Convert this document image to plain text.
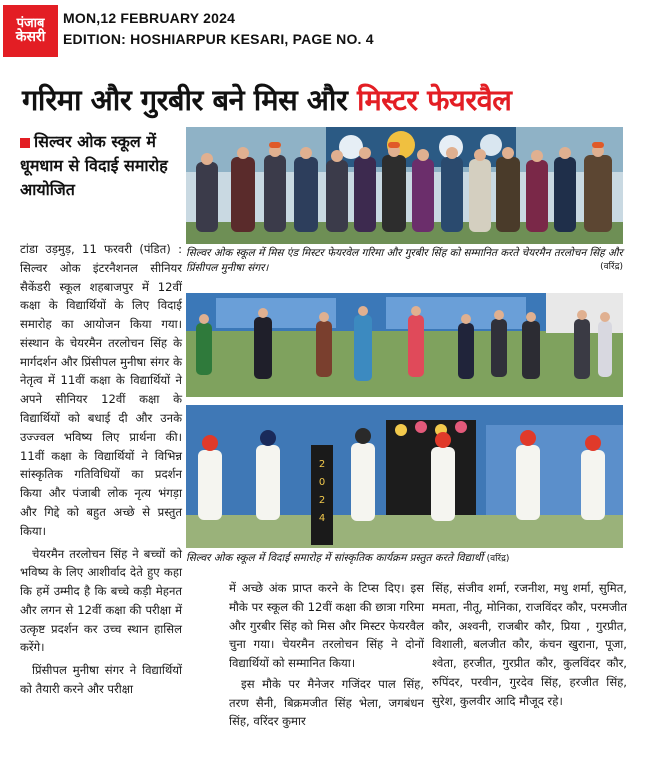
पंजाब
केसरी
MON,12 FEBRUARY 2024
EDITION: HOSHIARPUR KESARI, PAGE NO. 4
गरिमा और गुरबीर बने मिस और मिस्टर फेयरवैल
सिल्वर ओक स्कूल में धूमधाम से विदाई समारोह आयोजित

टांडा उड़मुड़, 11 फरवरी (पंडित) : सिल्वर ओक इंटरनैशनल सीनियर सैकेंडरी स्कूल शहबाजपुर में 12वीं कक्षा के विद्यार्थियों के लिए विदाई समारोह का आयोजन किया गया। संस्थान के चेयरमैन तरलोचन सिंह के मार्गदर्शन और प्रिंसीपल मुनीषा संगर के नेतृत्व में 11वीं कक्षा के विद्यार्थियों ने अपने सीनियर 12वीं कक्षा के विद्यार्थियों को बधाई दी और उनके उज्ज्वल भविष्य लिए प्रार्थना की। 11वीं कक्षा के विद्यार्थियों ने विभिन्न सांस्कृतिक गतिविधियों का प्रदर्शन किया और पंजाबी लोक नृत्य भंगड़ा और गिद्दे को बहुत अच्छे से प्रस्तुत किया।

चेयरमैन तरलोचन सिंह ने बच्चों को भविष्य के लिए आशीर्वाद देते हुए कहा कि हमें उम्मीद है कि बच्चे कड़ी मेहनत और लगन से 12वीं कक्षा की परीक्षा में उत्कृष्ट प्रदर्शन कर उच्च स्थान हासिल करेंगे।

प्रिंसीपल मुनीषा संगर ने विद्यार्थियों को तैयारी करने और परीक्षा

सिल्वर ओक स्कूल में मिस एंड मिस्टर फेयरवेल गरिमा और गुरबीर सिंह को सम्मानित करते चेयरमैन तरलोचन सिंह और प्रिंसीपल मुनीषा संगर।	(वरिंद्र)
2
0
2
4
सिल्वर ओक स्कूल में विदाई समारोह में सांस्कृतिक कार्यक्रम प्रस्तुत करते विद्यार्थी (वरिंद्र)

में अच्छे अंक प्राप्त करने के टिप्स दिए। इस मौके पर स्कूल की 12वीं कक्षा की छात्रा गरिमा और गुरबीर सिंह को मिस और मिस्टर फेयरवैल चुना गया। चेयरमैन तरलोचन सिंह ने दोनों विद्यार्थियों को सम्मानित किया।

इस मौके पर मैनेजर गजिंदर पाल सिंह, तरण सैनी, बिक्रमजीत सिंह भेला, जगबंधन सिंह, वरिंदर कुमार

सिंह, संजीव शर्मा, रजनीश, मधु शर्मा, सुमित, ममता, नीतू, मोनिका, राजविंदर कौर, परमजीत कौर, अश्वनी, राजबीर कौर, प्रिया , गुरप्रीत, विशाली, बलजीत कौर, कंचन खुराना, पूजा, श्वेता, हरजीत, गुरप्रीत कौर, कुलविंदर कौर, रुपिंदर, परवीन, गुरदेव सिंह, हरजीत सिंह, सुरेश, कुलवीर आदि मौजूद रहे।
